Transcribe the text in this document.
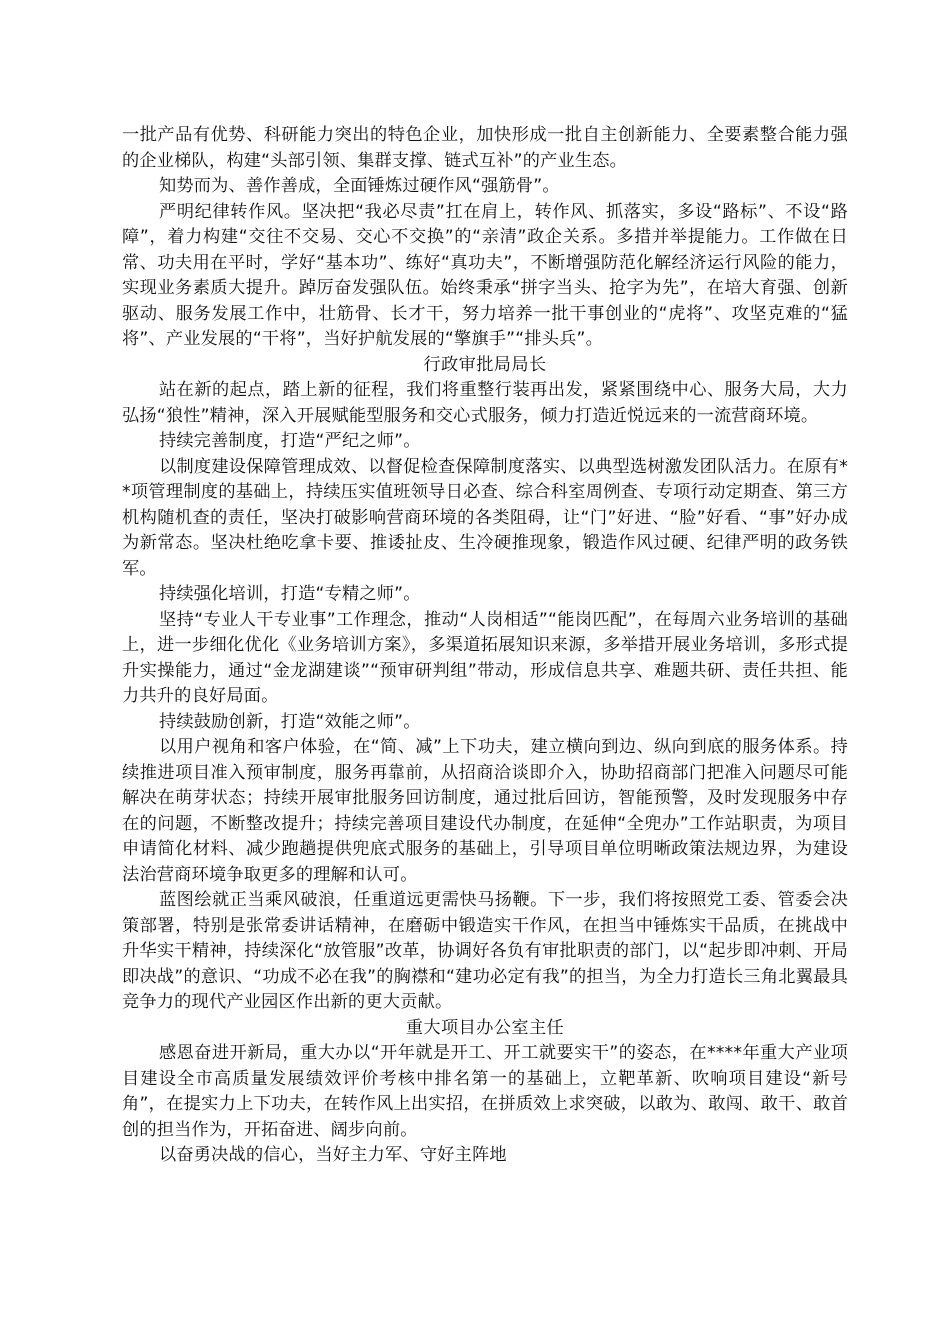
一批产品有优势、科研能力突出的特色企业，加快形成一批自主创新能力、全要素整合能力强的企业梯队，构建“头部引领、集群支撑、链式互补”的产业生态。

知势而为、善作善成，全面锤炼过硬作风“强筋骨”。

严明纪律转作风。坚决把“我必尽责”扛在肩上，转作风、抓落实，多设“路标”、不设“路障”，着力构建“交往不交易、交心不交换”的“亲清”政企关系。多措并举提能力。工作做在日常、功夫用在平时，学好“基本功”、练好“真功夫”，不断增强防范化解经济运行风险的能力，实现业务素质大提升。踔厉奋发强队伍。始终秉承“拼字当头、抢字为先”，在培大育强、创新驱动、服务发展工作中，壮筋骨、长才干，努力培养一批干事创业的“虎将”、攻坚克难的“猛将”、产业发展的“干将”，当好护航发展的“擎旗手”“排头兵”。

行政审批局局长

站在新的起点，踏上新的征程，我们将重整行装再出发，紧紧围绕中心、服务大局，大力弘扬“狼性”精神，深入开展赋能型服务和交心式服务，倾力打造近悦远来的一流营商环境。

持续完善制度，打造“严纪之师”。

以制度建设保障管理成效、以督促检查保障制度落实、以典型选树激发团队活力。在原有**项管理制度的基础上，持续压实值班领导日必查、综合科室周例查、专项行动定期查、第三方机构随机查的责任，坚决打破影响营商环境的各类阻碍，让“门”好进、“脸”好看、“事”好办成为新常态。坚决杜绝吃拿卡要、推诿扯皮、生冷硬推现象，锻造作风过硬、纪律严明的政务铁军。

持续强化培训，打造“专精之师”。

坚持“专业人干专业事”工作理念，推动“人岗相适”“能岗匹配”，在每周六业务培训的基础上，进一步细化优化《业务培训方案》，多渠道拓展知识来源，多举措开展业务培训，多形式提升实操能力，通过“金龙湖建谈”“预审研判组”带动，形成信息共享、难题共研、责任共担、能力共升的良好局面。

持续鼓励创新，打造“效能之师”。

以用户视角和客户体验，在“简、减”上下功夫，建立横向到边、纵向到底的服务体系。持续推进项目准入预审制度，服务再靠前，从招商洽谈即介入，协助招商部门把准入问题尽可能解决在萌芽状态；持续开展审批服务回访制度，通过批后回访，智能预警，及时发现服务中存在的问题，不断整改提升；持续完善项目建设代办制度，在延伸“全兜办”工作站职责，为项目申请简化材料、减少跑趟提供兜底式服务的基础上，引导项目单位明晰政策法规边界，为建设法治营商环境争取更多的理解和认可。

蓝图绘就正当乘风破浪，任重道远更需快马扬鞭。下一步，我们将按照党工委、管委会决策部署，特别是张常委讲话精神，在磨砺中锻造实干作风，在担当中锤炼实干品质，在挑战中升华实干精神，持续深化“放管服”改革，协调好各负有审批职责的部门，以“起步即冲刺、开局即决战”的意识、“功成不必在我”的胸襟和“建功必定有我”的担当，为全力打造长三角北翼最具竞争力的现代产业园区作出新的更大贡献。

重大项目办公室主任

感恩奋进开新局，重大办以“开年就是开工、开工就要实干”的姿态，在****年重大产业项目建设全市高质量发展绩效评价考核中排名第一的基础上，立靶革新、吹响项目建设“新号角”，在提实力上下功夫，在转作风上出实招，在拼质效上求突破，以敢为、敢闯、敢干、敢首创的担当作为，开拓奋进、阔步向前。

以奋勇决战的信心，当好主力军、守好主阵地
